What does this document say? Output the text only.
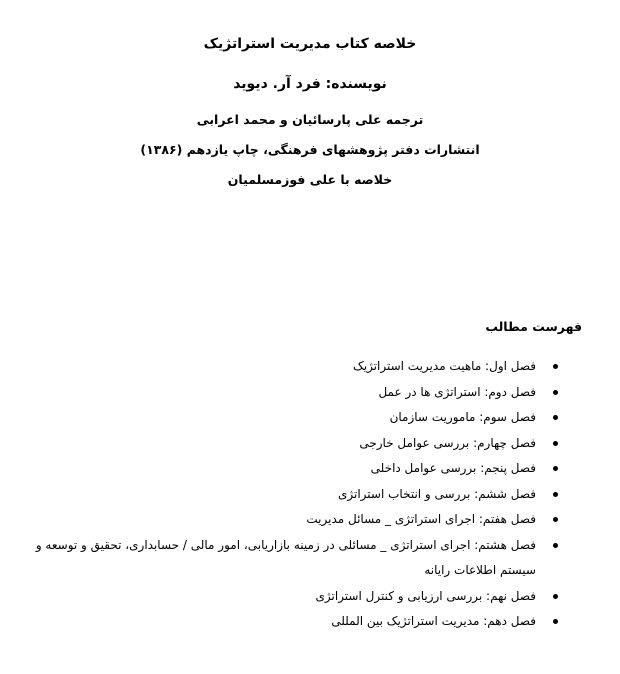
خلاصه کتاب مدیریت استراتژیک
نویسنده: فرد آر. دیوید
ترجمه علی پارسائیان و محمد اعرابی
انتشارات دفتر پژوهشهای فرهنگی، چاپ یازدهم (۱۳۸۶)
خلاصه با علی فوزمسلمیان
فهرست مطالب
فصل اول: ماهیت مدیریت استراتژیک
فصل دوم: استراتژی ها در عمل
فصل سوم: ماموریت سازمان
فصل چهارم: بررسی عوامل خارجی
فصل پنجم: بررسی عوامل داخلی
فصل ششم: بررسی و انتخاب استراتژی
فصل هفتم: اجرای استراتژی _ مسائل مدیریت
فصل هشتم: اجرای استراتژی _ مسائلی در زمینه بازاریابی، امور مالی / حسابداری، تحقیق و توسعه و سیستم اطلاعات رایانه
فصل نهم: بررسی ارزیابی و کنترل استراتژی
فصل دهم: مدیریت استراتژیک بین المللی
